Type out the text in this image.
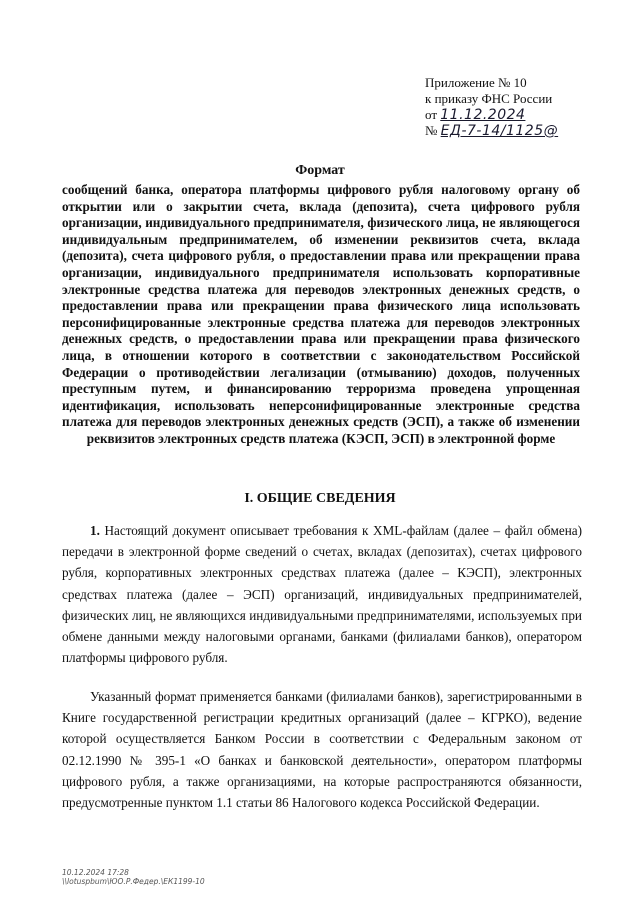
Приложение № 10
к приказу ФНС России
от 11.12.2024
№ ЕД-7-14/1125@
Формат
сообщений банка, оператора платформы цифрового рубля налоговому органу об открытии или о закрытии счета, вклада (депозита), счета цифрового рубля организации, индивидуального предпринимателя, физического лица, не являющегося индивидуальным предпринимателем, об изменении реквизитов счета, вклада (депозита), счета цифрового рубля, о предоставлении права или прекращении права организации, индивидуального предпринимателя использовать корпоративные электронные средства платежа для переводов электронных денежных средств, о предоставлении права или прекращении права физического лица использовать персонифицированные электронные средства платежа для переводов электронных денежных средств, о предоставлении права или прекращении права физического лица, в отношении которого в соответствии с законодательством Российской Федерации о противодействии легализации (отмыванию) доходов, полученных преступным путем, и финансированию терроризма проведена упрощенная идентификация, использовать неперсонифицированные электронные средства платежа для переводов электронных денежных средств (ЭСП), а также об изменении реквизитов электронных средств платежа (КЭСП, ЭСП) в электронной форме
I. ОБЩИЕ СВЕДЕНИЯ
1. Настоящий документ описывает требования к XML-файлам (далее – файл обмена) передачи в электронной форме сведений о счетах, вкладах (депозитах), счетах цифрового рубля, корпоративных электронных средствах платежа (далее – КЭСП), электронных средствах платежа (далее – ЭСП) организаций, индивидуальных предпринимателей, физических лиц, не являющихся индивидуальными предпринимателями, используемых при обмене данными между налоговыми органами, банками (филиалами банков), оператором платформы цифрового рубля.
Указанный формат применяется банками (филиалами банков), зарегистрированными в Книге государственной регистрации кредитных организаций (далее – КГРКО), ведение которой осуществляется Банком России в соответствии с Федеральным законом от 02.12.1990 № 395-1 «О банках и банковской деятельности», оператором платформы цифрового рубля, а также организациями, на которые распространяются обязанности, предусмотренные пунктом 1.1 статьи 86 Налогового кодекса Российской Федерации.
10.12.2024 17:28
\\lotuspbum\ЮО.Р.Федер.\ЕК1199-10
